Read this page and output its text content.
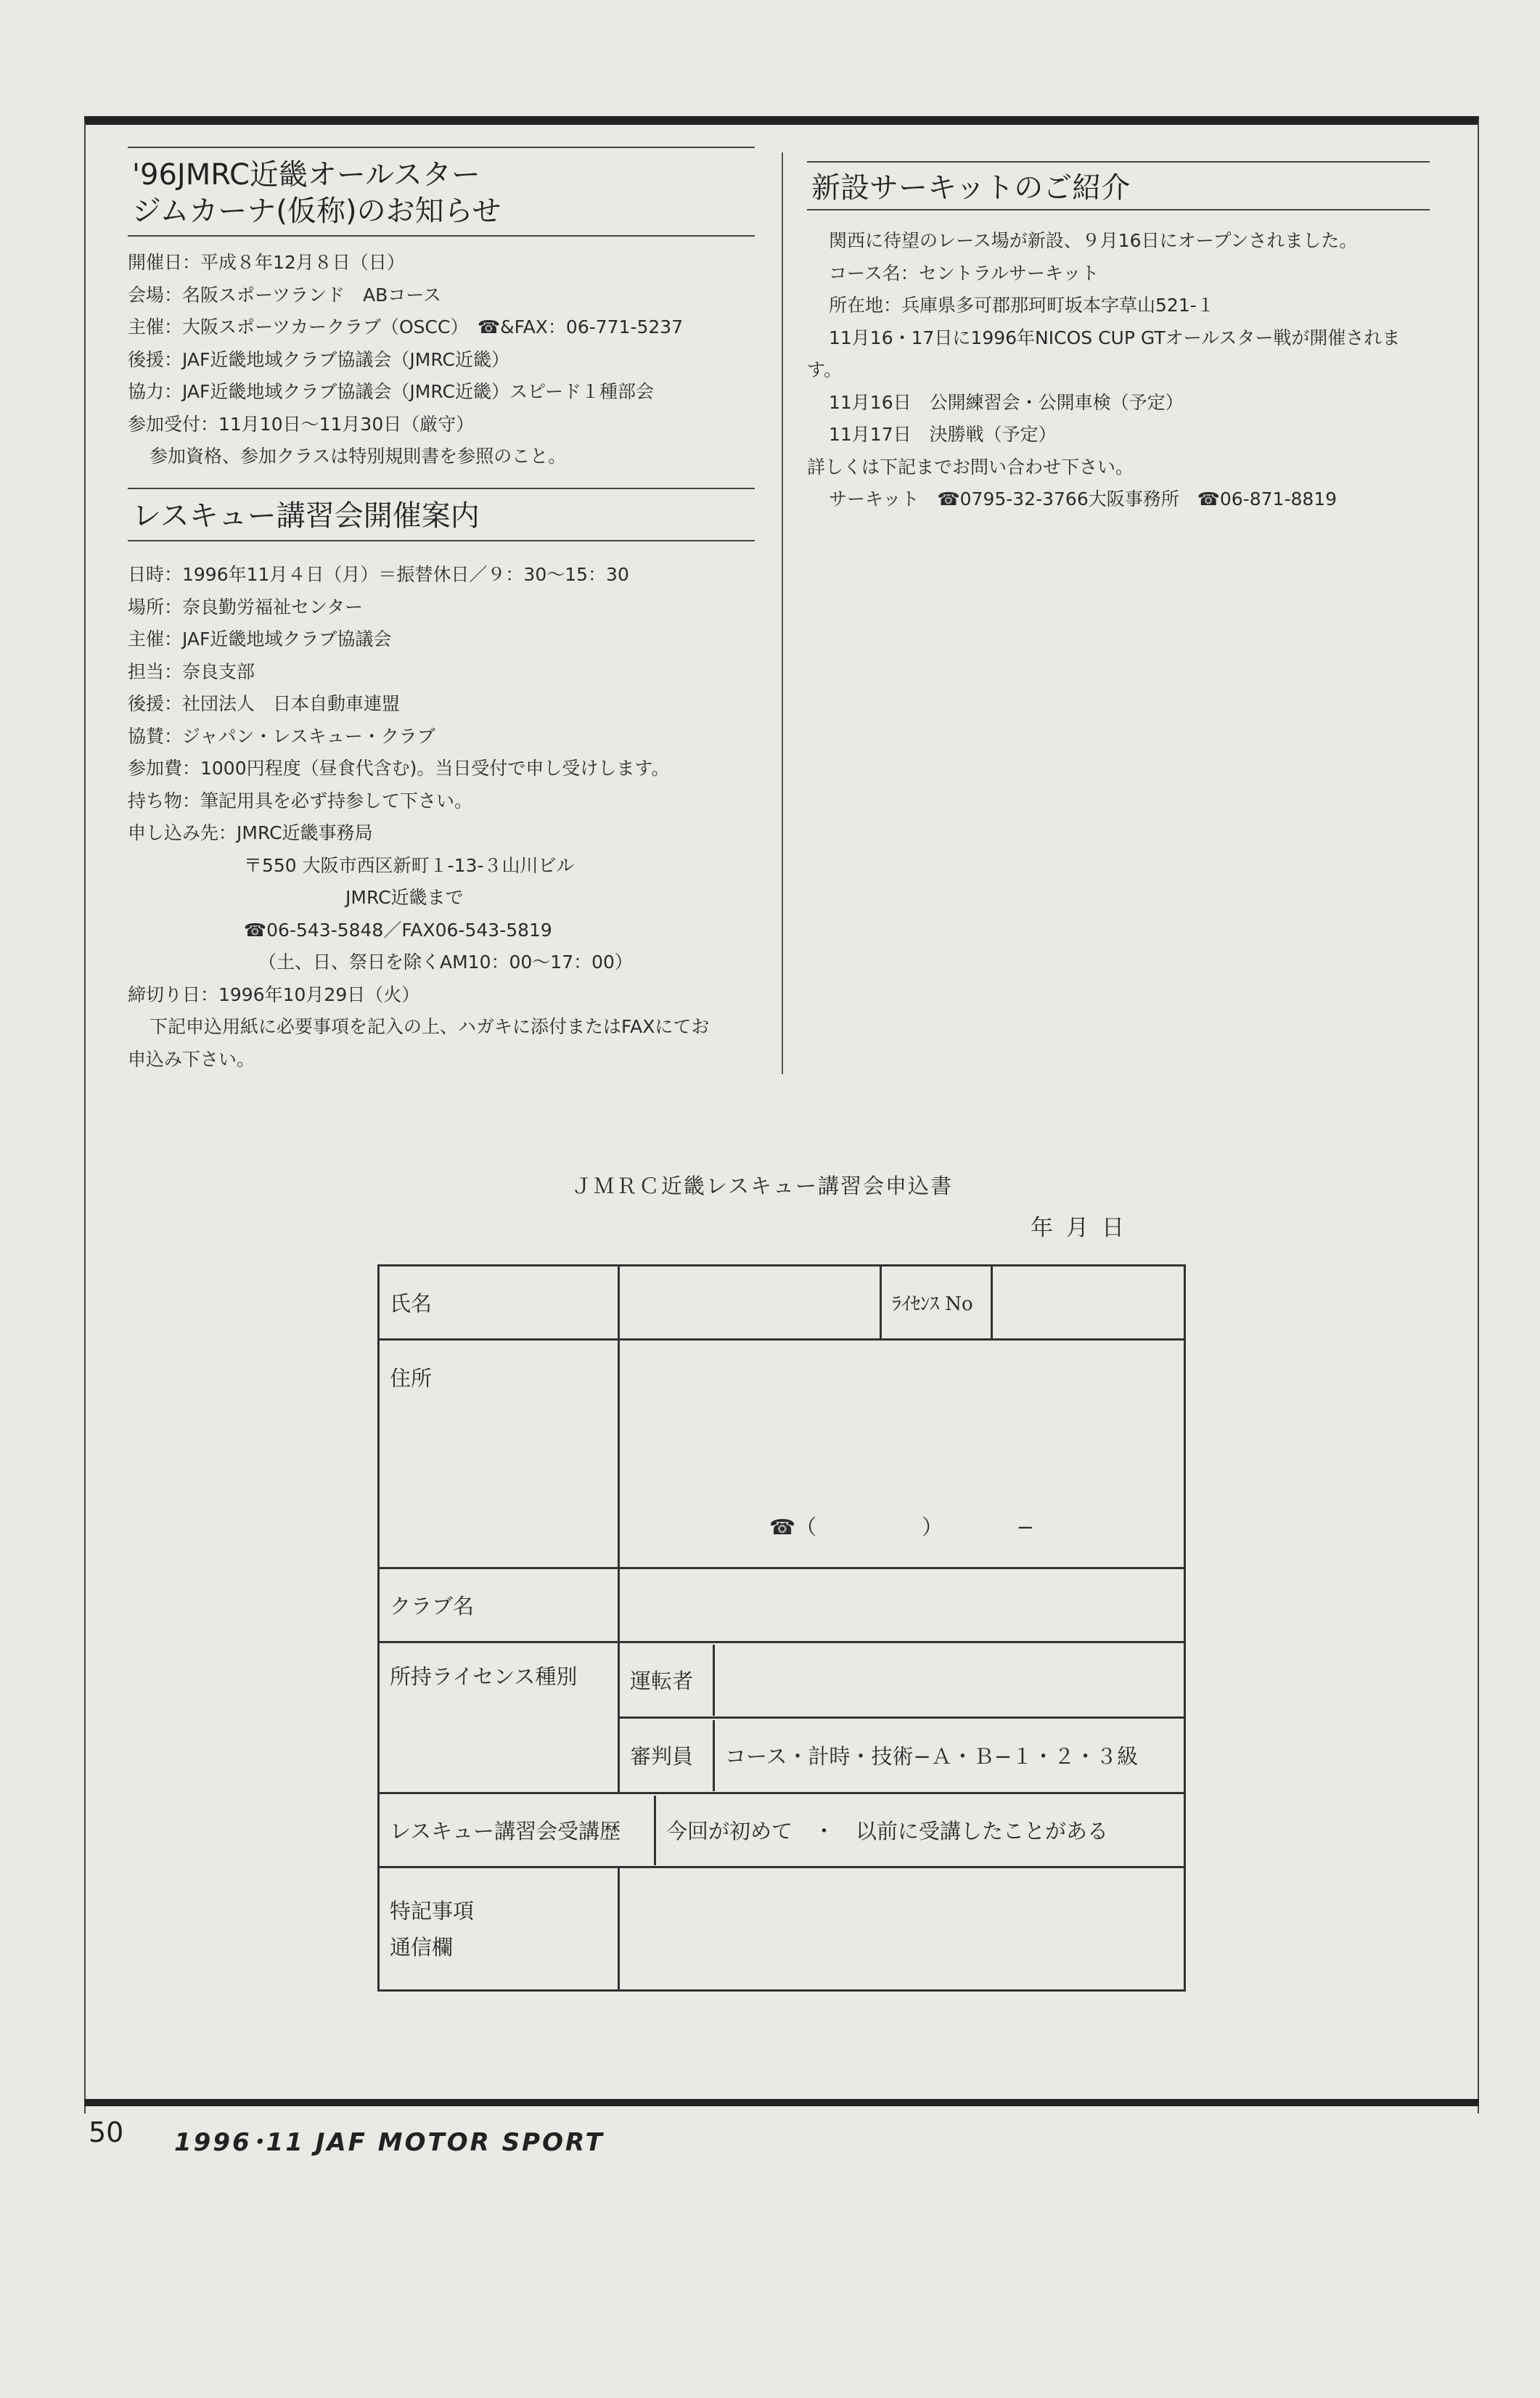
'96JMRC近畿オールスター
ジムカーナ(仮称)のお知らせ
開催日：平成８年12月８日（日）
会場：名阪スポーツランド　ABコース
主催：大阪スポーツカークラブ（OSCC）　☎&FAX：06-771-5237
後援：JAF近畿地域クラブ協議会（JMRC近畿）
協力：JAF近畿地域クラブ協議会（JMRC近畿）スピード１種部会
参加受付：11月10日〜11月30日（厳守）
参加資格、参加クラスは特別規則書を参照のこと。
レスキュー講習会開催案内
日時：1996年11月４日（月）＝振替休日／９：30〜15：30
場所：奈良勤労福祉センター
主催：JAF近畿地域クラブ協議会
担当：奈良支部
後援：社団法人　日本自動車連盟
協賛：ジャパン・レスキュー・クラブ
参加費：1000円程度（昼食代含む)。当日受付で申し受けします。
持ち物：筆記用具を必ず持参して下さい。
申し込み先：JMRC近畿事務局
〒550 大阪市西区新町１-13-３山川ビル
JMRC近畿まで
☎06-543-5848／FAX06-543-5819
（土、日、祭日を除くAM10：00〜17：00）
締切り日：1996年10月29日（火）
下記申込用紙に必要事項を記入の上、ハガキに添付またはFAXにてお
申込み下さい。
新設サーキットのご紹介
関西に待望のレース場が新設、９月16日にオープンされました。
コース名：セントラルサーキット
所在地：兵庫県多可郡那珂町坂本字草山521-１
11月16・17日に1996年NICOS CUP GTオールスター戦が開催されま
す。
11月16日　公開練習会・公開車検（予定）
11月17日　決勝戦（予定）
詳しくは下記までお問い合わせ下さい。
サーキット　☎0795-32-3766大阪事務所　☎06-871-8819
ＪＭＲＣ近畿レスキュー講習会申込書
年月日
氏名		ﾗｲｾﾝｽ No	
住所	
☎（　　　　　）　　　　−

クラブ名	
所持ライセンス種別		運転者	

審判員	コース・計時・技術−Ａ・Ｂ−１・２・３級

レスキュー講習会受講歴	今回が初めて　・　以前に受講したことがある

特記事項
通信欄

50 1996･11 JAF MOTOR SPORT
